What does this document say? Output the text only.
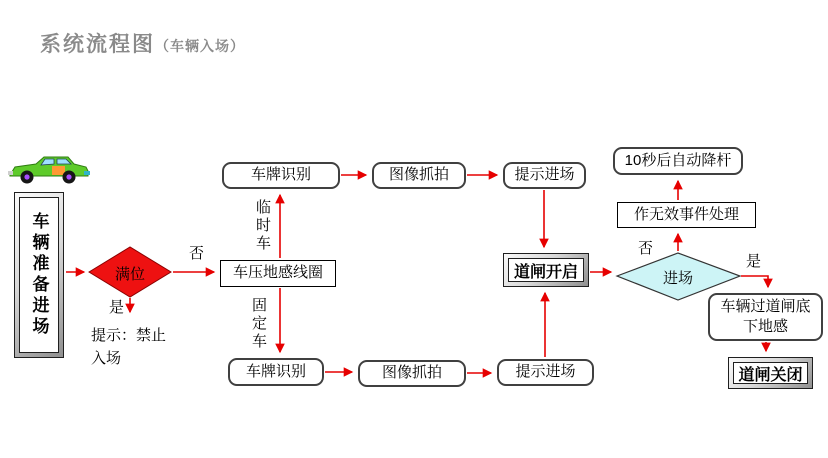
系统流程图（车辆入场）
车辆准备进场	满位	进场
提示：禁止入场
车压地感线圈
车牌识别	图像抓拍	提示进场
车牌识别	图像抓拍	提示进场
作无效事件处理
10秒后自动降杆
车辆过道闸底下地感
道闸开启
道闸关闭
否
是
临时车
固定车
否
是
